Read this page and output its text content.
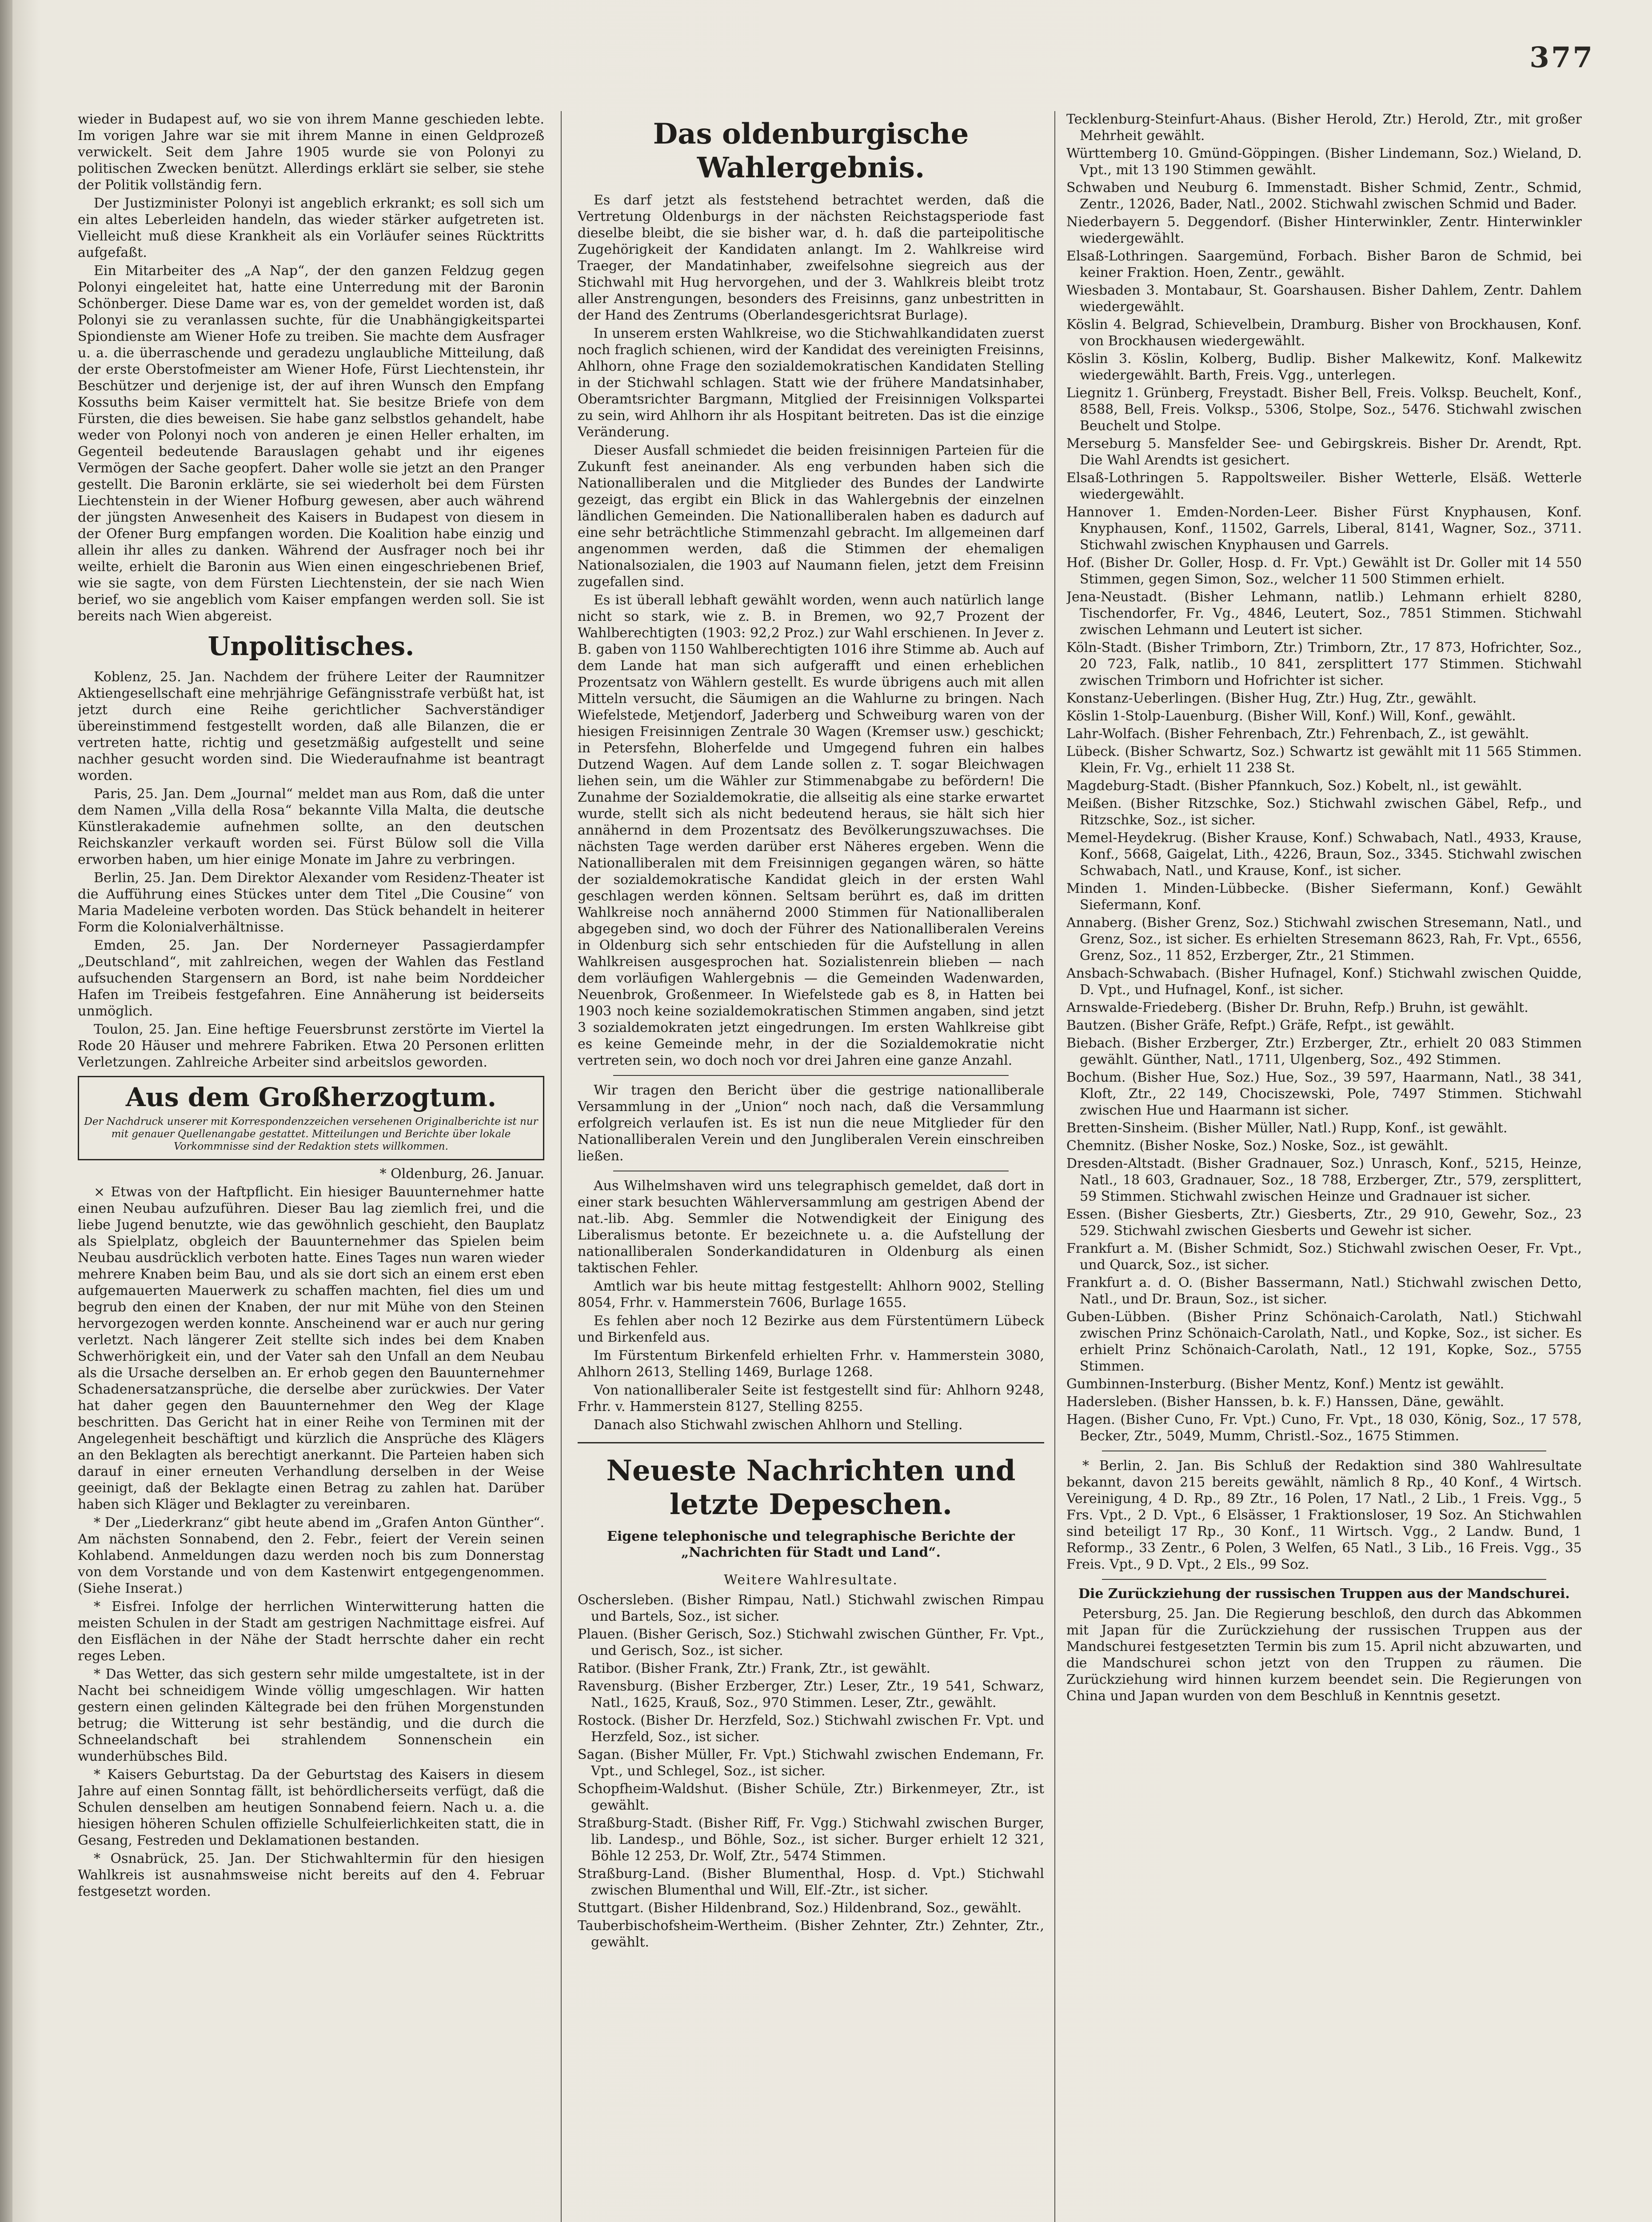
377

wieder in Budapest auf, wo sie von ihrem Manne geschieden lebte. Im vorigen Jahre war sie mit ihrem Manne in einen Geldprozeß verwickelt. Seit dem Jahre 1905 wurde sie von Polonyi zu politischen Zwecken benützt. Allerdings erklärt sie selber, sie stehe der Politik vollständig fern.

Der Justizminister Polonyi ist angeblich erkrankt; es soll sich um ein altes Leberleiden handeln, das wieder stärker aufgetreten ist. Vielleicht muß diese Krankheit als ein Vorläufer seines Rücktritts aufgefaßt.

Ein Mitarbeiter des „A Nap“, der den ganzen Feldzug gegen Polonyi eingeleitet hat, hatte eine Unterredung mit der Baronin Schönberger. Diese Dame war es, von der gemeldet worden ist, daß Polonyi sie zu veranlassen suchte, für die Unabhängigkeitspartei Spiondienste am Wiener Hofe zu treiben. Sie machte dem Ausfrager u. a. die überraschende und geradezu unglaubliche Mitteilung, daß der erste Oberstofmeister am Wiener Hofe, Fürst Liechtenstein, ihr Beschützer und derjenige ist, der auf ihren Wunsch den Empfang Kossuths beim Kaiser vermittelt hat. Sie besitze Briefe von dem Fürsten, die dies beweisen. Sie habe ganz selbstlos gehandelt, habe weder von Polonyi noch von anderen je einen Heller erhalten, im Gegenteil bedeutende Barauslagen gehabt und ihr eigenes Vermögen der Sache geopfert. Daher wolle sie jetzt an den Pranger gestellt. Die Baronin erklärte, sie sei wiederholt bei dem Fürsten Liechtenstein in der Wiener Hofburg gewesen, aber auch während der jüngsten Anwesenheit des Kaisers in Budapest von diesem in der Ofener Burg empfangen worden. Die Koalition habe einzig und allein ihr alles zu danken. Während der Ausfrager noch bei ihr weilte, erhielt die Baronin aus Wien einen eingeschriebenen Brief, wie sie sagte, von dem Fürsten Liechtenstein, der sie nach Wien berief, wo sie angeblich vom Kaiser empfangen werden soll. Sie ist bereits nach Wien abgereist.

Unpolitisches.

Koblenz, 25. Jan. Nachdem der frühere Leiter der Raumnitzer Aktiengesellschaft eine mehrjährige Gefängnisstrafe verbüßt hat, ist jetzt durch eine Reihe gerichtlicher Sachverständiger übereinstimmend festgestellt worden, daß alle Bilanzen, die er vertreten hatte, richtig und gesetzmäßig aufgestellt und seine nachher gesucht worden sind. Die Wiederaufnahme ist beantragt worden.

Paris, 25. Jan. Dem „Journal“ meldet man aus Rom, daß die unter dem Namen „Villa della Rosa“ bekannte Villa Malta, die deutsche Künstlerakademie aufnehmen sollte, an den deutschen Reichskanzler verkauft worden sei. Fürst Bülow soll die Villa erworben haben, um hier einige Monate im Jahre zu verbringen.

Berlin, 25. Jan. Dem Direktor Alexander vom Residenz-Theater ist die Aufführung eines Stückes unter dem Titel „Die Cousine“ von Maria Madeleine verboten worden. Das Stück behandelt in heiterer Form die Kolonialverhältnisse.

Emden, 25. Jan. Der Norderneyer Passagierdampfer „Deutschland“, mit zahlreichen, wegen der Wahlen das Festland aufsuchenden Stargensern an Bord, ist nahe beim Norddeicher Hafen im Treibeis festgefahren. Eine Annäherung ist beiderseits unmöglich.

Toulon, 25. Jan. Eine heftige Feuersbrunst zerstörte im Viertel la Rode 20 Häuser und mehrere Fabriken. Etwa 20 Personen erlitten Verletzungen. Zahlreiche Arbeiter sind arbeitslos geworden.

Aus dem Großherzogtum.
Der Nachdruck unserer mit Korrespondenzzeichen versehenen Originalberichte ist nur mit genauer Quellenangabe gestattet. Mitteilungen und Berichte über lokale Vorkommnisse sind der Redaktion stets willkommen.

* Oldenburg, 26. Januar.

× Etwas von der Haftpflicht. Ein hiesiger Bauunternehmer hatte einen Neubau aufzuführen. Dieser Bau lag ziemlich frei, und die liebe Jugend benutzte, wie das gewöhnlich geschieht, den Bauplatz als Spielplatz, obgleich der Bauunternehmer das Spielen beim Neubau ausdrücklich verboten hatte. Eines Tages nun waren wieder mehrere Knaben beim Bau, und als sie dort sich an einem erst eben aufgemauerten Mauerwerk zu schaffen machten, fiel dies um und begrub den einen der Knaben, der nur mit Mühe von den Steinen hervorgezogen werden konnte. Anscheinend war er auch nur gering verletzt. Nach längerer Zeit stellte sich indes bei dem Knaben Schwerhörigkeit ein, und der Vater sah den Unfall an dem Neubau als die Ursache derselben an. Er erhob gegen den Bauunternehmer Schadenersatzansprüche, die derselbe aber zurückwies. Der Vater hat daher gegen den Bauunternehmer den Weg der Klage beschritten. Das Gericht hat in einer Reihe von Terminen mit der Angelegenheit beschäftigt und kürzlich die Ansprüche des Klägers an den Beklagten als berechtigt anerkannt. Die Parteien haben sich darauf in einer erneuten Verhandlung derselben in der Weise geeinigt, daß der Beklagte einen Betrag zu zahlen hat. Darüber haben sich Kläger und Beklagter zu vereinbaren.

* Der „Liederkranz“ gibt heute abend im „Grafen Anton Günther“. Am nächsten Sonnabend, den 2. Febr., feiert der Verein seinen Kohlabend. Anmeldungen dazu werden noch bis zum Donnerstag von dem Vorstande und von dem Kastenwirt entgegengenommen. (Siehe Inserat.)

* Eisfrei. Infolge der herrlichen Winterwitterung hatten die meisten Schulen in der Stadt am gestrigen Nachmittage eisfrei. Auf den Eisflächen in der Nähe der Stadt herrschte daher ein recht reges Leben.

* Das Wetter, das sich gestern sehr milde umgestaltete, ist in der Nacht bei schneidigem Winde völlig umgeschlagen. Wir hatten gestern einen gelinden Kältegrade bei den frühen Morgenstunden betrug; die Witterung ist sehr beständig, und die durch die Schneelandschaft bei strahlendem Sonnenschein ein wunderhübsches Bild.

* Kaisers Geburtstag. Da der Geburtstag des Kaisers in diesem Jahre auf einen Sonntag fällt, ist behördlicherseits verfügt, daß die Schulen denselben am heutigen Sonnabend feiern. Nach u. a. die hiesigen höheren Schulen offizielle Schulfeierlichkeiten statt, die in Gesang, Festreden und Deklamationen bestanden.

* Osnabrück, 25. Jan. Der Stichwahltermin für den hiesigen Wahlkreis ist ausnahmsweise nicht bereits auf den 4. Februar festgesetzt worden.

Das oldenburgische Wahlergebnis.

Es darf jetzt als feststehend betrachtet werden, daß die Vertretung Oldenburgs in der nächsten Reichstagsperiode fast dieselbe bleibt, die sie bisher war, d. h. daß die parteipolitische Zugehörigkeit der Kandidaten anlangt. Im 2. Wahlkreise wird Traeger, der Mandatinhaber, zweifelsohne siegreich aus der Stichwahl mit Hug hervorgehen, und der 3. Wahlkreis bleibt trotz aller Anstrengungen, besonders des Freisinns, ganz unbestritten in der Hand des Zentrums (Oberlandesgerichtsrat Burlage).

In unserem ersten Wahlkreise, wo die Stichwahlkandidaten zuerst noch fraglich schienen, wird der Kandidat des vereinigten Freisinns, Ahlhorn, ohne Frage den sozialdemokratischen Kandidaten Stelling in der Stichwahl schlagen. Statt wie der frühere Mandatsinhaber, Oberamtsrichter Bargmann, Mitglied der Freisinnigen Volkspartei zu sein, wird Ahlhorn ihr als Hospitant beitreten. Das ist die einzige Veränderung.

Dieser Ausfall schmiedet die beiden freisinnigen Parteien für die Zukunft fest aneinander. Als eng verbunden haben sich die Nationalliberalen und die Mitglieder des Bundes der Landwirte gezeigt, das ergibt ein Blick in das Wahlergebnis der einzelnen ländlichen Gemeinden. Die Nationalliberalen haben es dadurch auf eine sehr beträchtliche Stimmenzahl gebracht. Im allgemeinen darf angenommen werden, daß die Stimmen der ehemaligen Nationalsozialen, die 1903 auf Naumann fielen, jetzt dem Freisinn zugefallen sind.

Es ist überall lebhaft gewählt worden, wenn auch natürlich lange nicht so stark, wie z. B. in Bremen, wo 92,7 Prozent der Wahlberechtigten (1903: 92,2 Proz.) zur Wahl erschienen. In Jever z. B. gaben von 1150 Wahlberechtigten 1016 ihre Stimme ab. Auch auf dem Lande hat man sich aufgerafft und einen erheblichen Prozentsatz von Wählern gestellt. Es wurde übrigens auch mit allen Mitteln versucht, die Säumigen an die Wahlurne zu bringen. Nach Wiefelstede, Metjendorf, Jaderberg und Schweiburg waren von der hiesigen Freisinnigen Zentrale 30 Wagen (Kremser usw.) geschickt; in Petersfehn, Bloherfelde und Umgegend fuhren ein halbes Dutzend Wagen. Auf dem Lande sollen z. T. sogar Bleichwagen liehen sein, um die Wähler zur Stimmenabgabe zu befördern! Die Zunahme der Sozialdemokratie, die allseitig als eine starke erwartet wurde, stellt sich als nicht bedeutend heraus, sie hält sich hier annähernd in dem Prozentsatz des Bevölkerungszuwachses. Die nächsten Tage werden darüber erst Näheres ergeben. Wenn die Nationalliberalen mit dem Freisinnigen gegangen wären, so hätte der sozialdemokratische Kandidat gleich in der ersten Wahl geschlagen werden können. Seltsam berührt es, daß im dritten Wahlkreise noch annähernd 2000 Stimmen für Nationalliberalen abgegeben sind, wo doch der Führer des Nationalliberalen Vereins in Oldenburg sich sehr entschieden für die Aufstellung in allen Wahlkreisen ausgesprochen hat. Sozialistenrein blieben — nach dem vorläufigen Wahlergebnis — die Gemeinden Wadenwarden, Neuenbrok, Großenmeer. In Wiefelstede gab es 8, in Hatten bei 1903 noch keine sozialdemokratischen Stimmen angaben, sind jetzt 3 sozialdemokraten jetzt eingedrungen. Im ersten Wahlkreise gibt es keine Gemeinde mehr, in der die Sozialdemokratie nicht vertreten sein, wo doch noch vor drei Jahren eine ganze Anzahl.

Wir tragen den Bericht über die gestrige nationalliberale Versammlung in der „Union“ noch nach, daß die Versammlung erfolgreich verlaufen ist. Es ist nun die neue Mitglieder für den Nationalliberalen Verein und den Jungliberalen Verein einschreiben ließen.

Aus Wilhelmshaven wird uns telegraphisch gemeldet, daß dort in einer stark besuchten Wählerversammlung am gestrigen Abend der nat.-lib. Abg. Semmler die Notwendigkeit der Einigung des Liberalismus betonte. Er bezeichnete u. a. die Aufstellung der nationalliberalen Sonderkandidaturen in Oldenburg als einen taktischen Fehler.

Amtlich war bis heute mittag festgestellt: Ahlhorn 9002, Stelling 8054, Frhr. v. Hammerstein 7606, Burlage 1655.

Es fehlen aber noch 12 Bezirke aus dem Fürstentümern Lübeck und Birkenfeld aus.

Im Fürstentum Birkenfeld erhielten Frhr. v. Hammerstein 3080, Ahlhorn 2613, Stelling 1469, Burlage 1268.

Von nationalliberaler Seite ist festgestellt sind für: Ahlhorn 9248, Frhr. v. Hammerstein 8127, Stelling 8255.

Danach also Stichwahl zwischen Ahlhorn und Stelling.

Neueste Nachrichten und letzte Depeschen.
Eigene telephonische und telegraphische Berichte der „Nachrichten für Stadt und Land“.
Weitere Wahlresultate.

Oschersleben. (Bisher Rimpau, Natl.) Stichwahl zwischen Rimpau und Bartels, Soz., ist sicher.

Plauen. (Bisher Gerisch, Soz.) Stichwahl zwischen Günther, Fr. Vpt., und Gerisch, Soz., ist sicher.

Ratibor. (Bisher Frank, Ztr.) Frank, Ztr., ist gewählt.

Ravensburg. (Bisher Erzberger, Ztr.) Leser, Ztr., 19 541, Schwarz, Natl., 1625, Krauß, Soz., 970 Stimmen. Leser, Ztr., gewählt.

Rostock. (Bisher Dr. Herzfeld, Soz.) Stichwahl zwischen Fr. Vpt. und Herzfeld, Soz., ist sicher.

Sagan. (Bisher Müller, Fr. Vpt.) Stichwahl zwischen Endemann, Fr. Vpt., und Schlegel, Soz., ist sicher.

Schopfheim-Waldshut. (Bisher Schüle, Ztr.) Birkenmeyer, Ztr., ist gewählt.

Straßburg-Stadt. (Bisher Riff, Fr. Vgg.) Stichwahl zwischen Burger, lib. Landesp., und Böhle, Soz., ist sicher. Burger erhielt 12 321, Böhle 12 253, Dr. Wolf, Ztr., 5474 Stimmen.

Straßburg-Land. (Bisher Blumenthal, Hosp. d. Vpt.) Stichwahl zwischen Blumenthal und Will, Elf.-Ztr., ist sicher.

Stuttgart. (Bisher Hildenbrand, Soz.) Hildenbrand, Soz., gewählt.

Tauberbischofsheim-Wertheim. (Bisher Zehnter, Ztr.) Zehnter, Ztr., gewählt.

Tecklenburg-Steinfurt-Ahaus. (Bisher Herold, Ztr.) Herold, Ztr., mit großer Mehrheit gewählt.

Württemberg 10. Gmünd-Göppingen. (Bisher Lindemann, Soz.) Wieland, D. Vpt., mit 13 190 Stimmen gewählt.

Schwaben und Neuburg 6. Immenstadt. Bisher Schmid, Zentr., Schmid, Zentr., 12026, Bader, Natl., 2002. Stichwahl zwischen Schmid und Bader.

Niederbayern 5. Deggendorf. (Bisher Hinterwinkler, Zentr. Hinterwinkler wiedergewählt.

Elsaß-Lothringen. Saargemünd, Forbach. Bisher Baron de Schmid, bei keiner Fraktion. Hoen, Zentr., gewählt.

Wiesbaden 3. Montabaur, St. Goarshausen. Bisher Dahlem, Zentr. Dahlem wiedergewählt.

Köslin 4. Belgrad, Schievelbein, Dramburg. Bisher von Brockhausen, Konf. von Brockhausen wiedergewählt.

Köslin 3. Köslin, Kolberg, Budlip. Bisher Malkewitz, Konf. Malkewitz wiedergewählt. Barth, Freis. Vgg., unterlegen.

Liegnitz 1. Grünberg, Freystadt. Bisher Bell, Freis. Volksp. Beuchelt, Konf., 8588, Bell, Freis. Volksp., 5306, Stolpe, Soz., 5476. Stichwahl zwischen Beuchelt und Stolpe.

Merseburg 5. Mansfelder See- und Gebirgskreis. Bisher Dr. Arendt, Rpt. Die Wahl Arendts ist gesichert.

Elsaß-Lothringen 5. Rappoltsweiler. Bisher Wetterle, Elsäß. Wetterle wiedergewählt.

Hannover 1. Emden-Norden-Leer. Bisher Fürst Knyphausen, Konf. Knyphausen, Konf., 11502, Garrels, Liberal, 8141, Wagner, Soz., 3711. Stichwahl zwischen Knyphausen und Garrels.

Hof. (Bisher Dr. Goller, Hosp. d. Fr. Vpt.) Gewählt ist Dr. Goller mit 14 550 Stimmen, gegen Simon, Soz., welcher 11 500 Stimmen erhielt.

Jena-Neustadt. (Bisher Lehmann, natlib.) Lehmann erhielt 8280, Tischendorfer, Fr. Vg., 4846, Leutert, Soz., 7851 Stimmen. Stichwahl zwischen Lehmann und Leutert ist sicher.

Köln-Stadt. (Bisher Trimborn, Ztr.) Trimborn, Ztr., 17 873, Hofrichter, Soz., 20 723, Falk, natlib., 10 841, zersplittert 177 Stimmen. Stichwahl zwischen Trimborn und Hofrichter ist sicher.

Konstanz-Ueberlingen. (Bisher Hug, Ztr.) Hug, Ztr., gewählt.

Köslin 1-Stolp-Lauenburg. (Bisher Will, Konf.) Will, Konf., gewählt.

Lahr-Wolfach. (Bisher Fehrenbach, Ztr.) Fehrenbach, Z., ist gewählt.

Lübeck. (Bisher Schwartz, Soz.) Schwartz ist gewählt mit 11 565 Stimmen. Klein, Fr. Vg., erhielt 11 238 St.

Magdeburg-Stadt. (Bisher Pfannkuch, Soz.) Kobelt, nl., ist gewählt.

Meißen. (Bisher Ritzschke, Soz.) Stichwahl zwischen Gäbel, Refp., und Ritzschke, Soz., ist sicher.

Memel-Heydekrug. (Bisher Krause, Konf.) Schwabach, Natl., 4933, Krause, Konf., 5668, Gaigelat, Lith., 4226, Braun, Soz., 3345. Stichwahl zwischen Schwabach, Natl., und Krause, Konf., ist sicher.

Minden 1. Minden-Lübbecke. (Bisher Siefermann, Konf.) Gewählt Siefermann, Konf.

Annaberg. (Bisher Grenz, Soz.) Stichwahl zwischen Stresemann, Natl., und Grenz, Soz., ist sicher. Es erhielten Stresemann 8623, Rah, Fr. Vpt., 6556, Grenz, Soz., 11 852, Erzberger, Ztr., 21 Stimmen.

Ansbach-Schwabach. (Bisher Hufnagel, Konf.) Stichwahl zwischen Quidde, D. Vpt., und Hufnagel, Konf., ist sicher.

Arnswalde-Friedeberg. (Bisher Dr. Bruhn, Refp.) Bruhn, ist gewählt.

Bautzen. (Bisher Gräfe, Refpt.) Gräfe, Refpt., ist gewählt.

Biebach. (Bisher Erzberger, Ztr.) Erzberger, Ztr., erhielt 20 083 Stimmen gewählt. Günther, Natl., 1711, Ulgenberg, Soz., 492 Stimmen.

Bochum. (Bisher Hue, Soz.) Hue, Soz., 39 597, Haarmann, Natl., 38 341, Kloft, Ztr., 22 149, Chociszewski, Pole, 7497 Stimmen. Stichwahl zwischen Hue und Haarmann ist sicher.

Bretten-Sinsheim. (Bisher Müller, Natl.) Rupp, Konf., ist gewählt.

Chemnitz. (Bisher Noske, Soz.) Noske, Soz., ist gewählt.

Dresden-Altstadt. (Bisher Gradnauer, Soz.) Unrasch, Konf., 5215, Heinze, Natl., 18 603, Gradnauer, Soz., 18 788, Erzberger, Ztr., 579, zersplittert, 59 Stimmen. Stichwahl zwischen Heinze und Gradnauer ist sicher.

Essen. (Bisher Giesberts, Ztr.) Giesberts, Ztr., 29 910, Gewehr, Soz., 23 529. Stichwahl zwischen Giesberts und Gewehr ist sicher.

Frankfurt a. M. (Bisher Schmidt, Soz.) Stichwahl zwischen Oeser, Fr. Vpt., und Quarck, Soz., ist sicher.

Frankfurt a. d. O. (Bisher Bassermann, Natl.) Stichwahl zwischen Detto, Natl., und Dr. Braun, Soz., ist sicher.

Guben-Lübben. (Bisher Prinz Schönaich-Carolath, Natl.) Stichwahl zwischen Prinz Schönaich-Carolath, Natl., und Kopke, Soz., ist sicher. Es erhielt Prinz Schönaich-Carolath, Natl., 12 191, Kopke, Soz., 5755 Stimmen.

Gumbinnen-Insterburg. (Bisher Mentz, Konf.) Mentz ist gewählt.

Hadersleben. (Bisher Hanssen, b. k. F.) Hanssen, Däne, gewählt.

Hagen. (Bisher Cuno, Fr. Vpt.) Cuno, Fr. Vpt., 18 030, König, Soz., 17 578, Becker, Ztr., 5049, Mumm, Christl.-Soz., 1675 Stimmen.

* Berlin, 2. Jan. Bis Schluß der Redaktion sind 380 Wahlresultate bekannt, davon 215 bereits gewählt, nämlich 8 Rp., 40 Konf., 4 Wirtsch. Vereinigung, 4 D. Rp., 89 Ztr., 16 Polen, 17 Natl., 2 Lib., 1 Freis. Vgg., 5 Frs. Vpt., 2 D. Vpt., 6 Elsässer, 1 Fraktionsloser, 19 Soz. An Stichwahlen sind beteiligt 17 Rp., 30 Konf., 11 Wirtsch. Vgg., 2 Landw. Bund, 1 Reformp., 33 Zentr., 6 Polen, 3 Welfen, 65 Natl., 3 Lib., 16 Freis. Vgg., 35 Freis. Vpt., 9 D. Vpt., 2 Els., 99 Soz.

Die Zurückziehung der russischen Truppen aus der Mandschurei.

Petersburg, 25. Jan. Die Regierung beschloß, den durch das Abkommen mit Japan für die Zurückziehung der russischen Truppen aus der Mandschurei festgesetzten Termin bis zum 15. April nicht abzuwarten, und die Mandschurei schon jetzt von den Truppen zu räumen. Die Zurückziehung wird hinnen kurzem beendet sein. Die Regierungen von China und Japan wurden von dem Beschluß in Kenntnis gesetzt.
